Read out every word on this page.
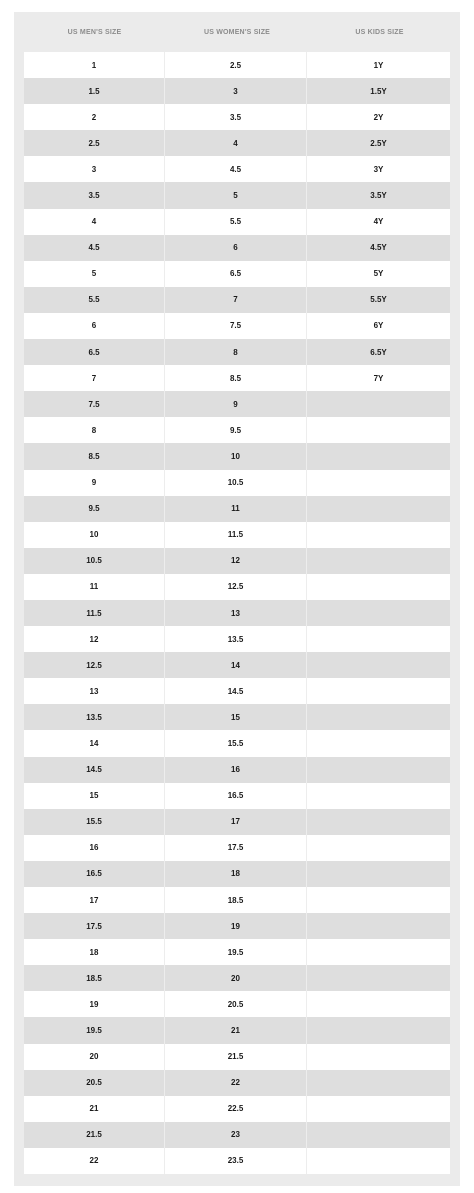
US MEN'S SIZE	US WOMEN'S SIZE	US KIDS SIZE
1	2.5	1Y
1.5	3	1.5Y
2	3.5	2Y
2.5	4	2.5Y
3	4.5	3Y
3.5	5	3.5Y
4	5.5	4Y
4.5	6	4.5Y
5	6.5	5Y
5.5	7	5.5Y
6	7.5	6Y
6.5	8	6.5Y
7	8.5	7Y
7.5	9
8	9.5
8.5	10
9	10.5
9.5	11
10	11.5
10.5	12
11	12.5
11.5	13
12	13.5
12.5	14
13	14.5
13.5	15
14	15.5
14.5	16
15	16.5
15.5	17
16	17.5
16.5	18
17	18.5
17.5	19
18	19.5
18.5	20
19	20.5
19.5	21
20	21.5
20.5	22
21	22.5
21.5	23
22	23.5
